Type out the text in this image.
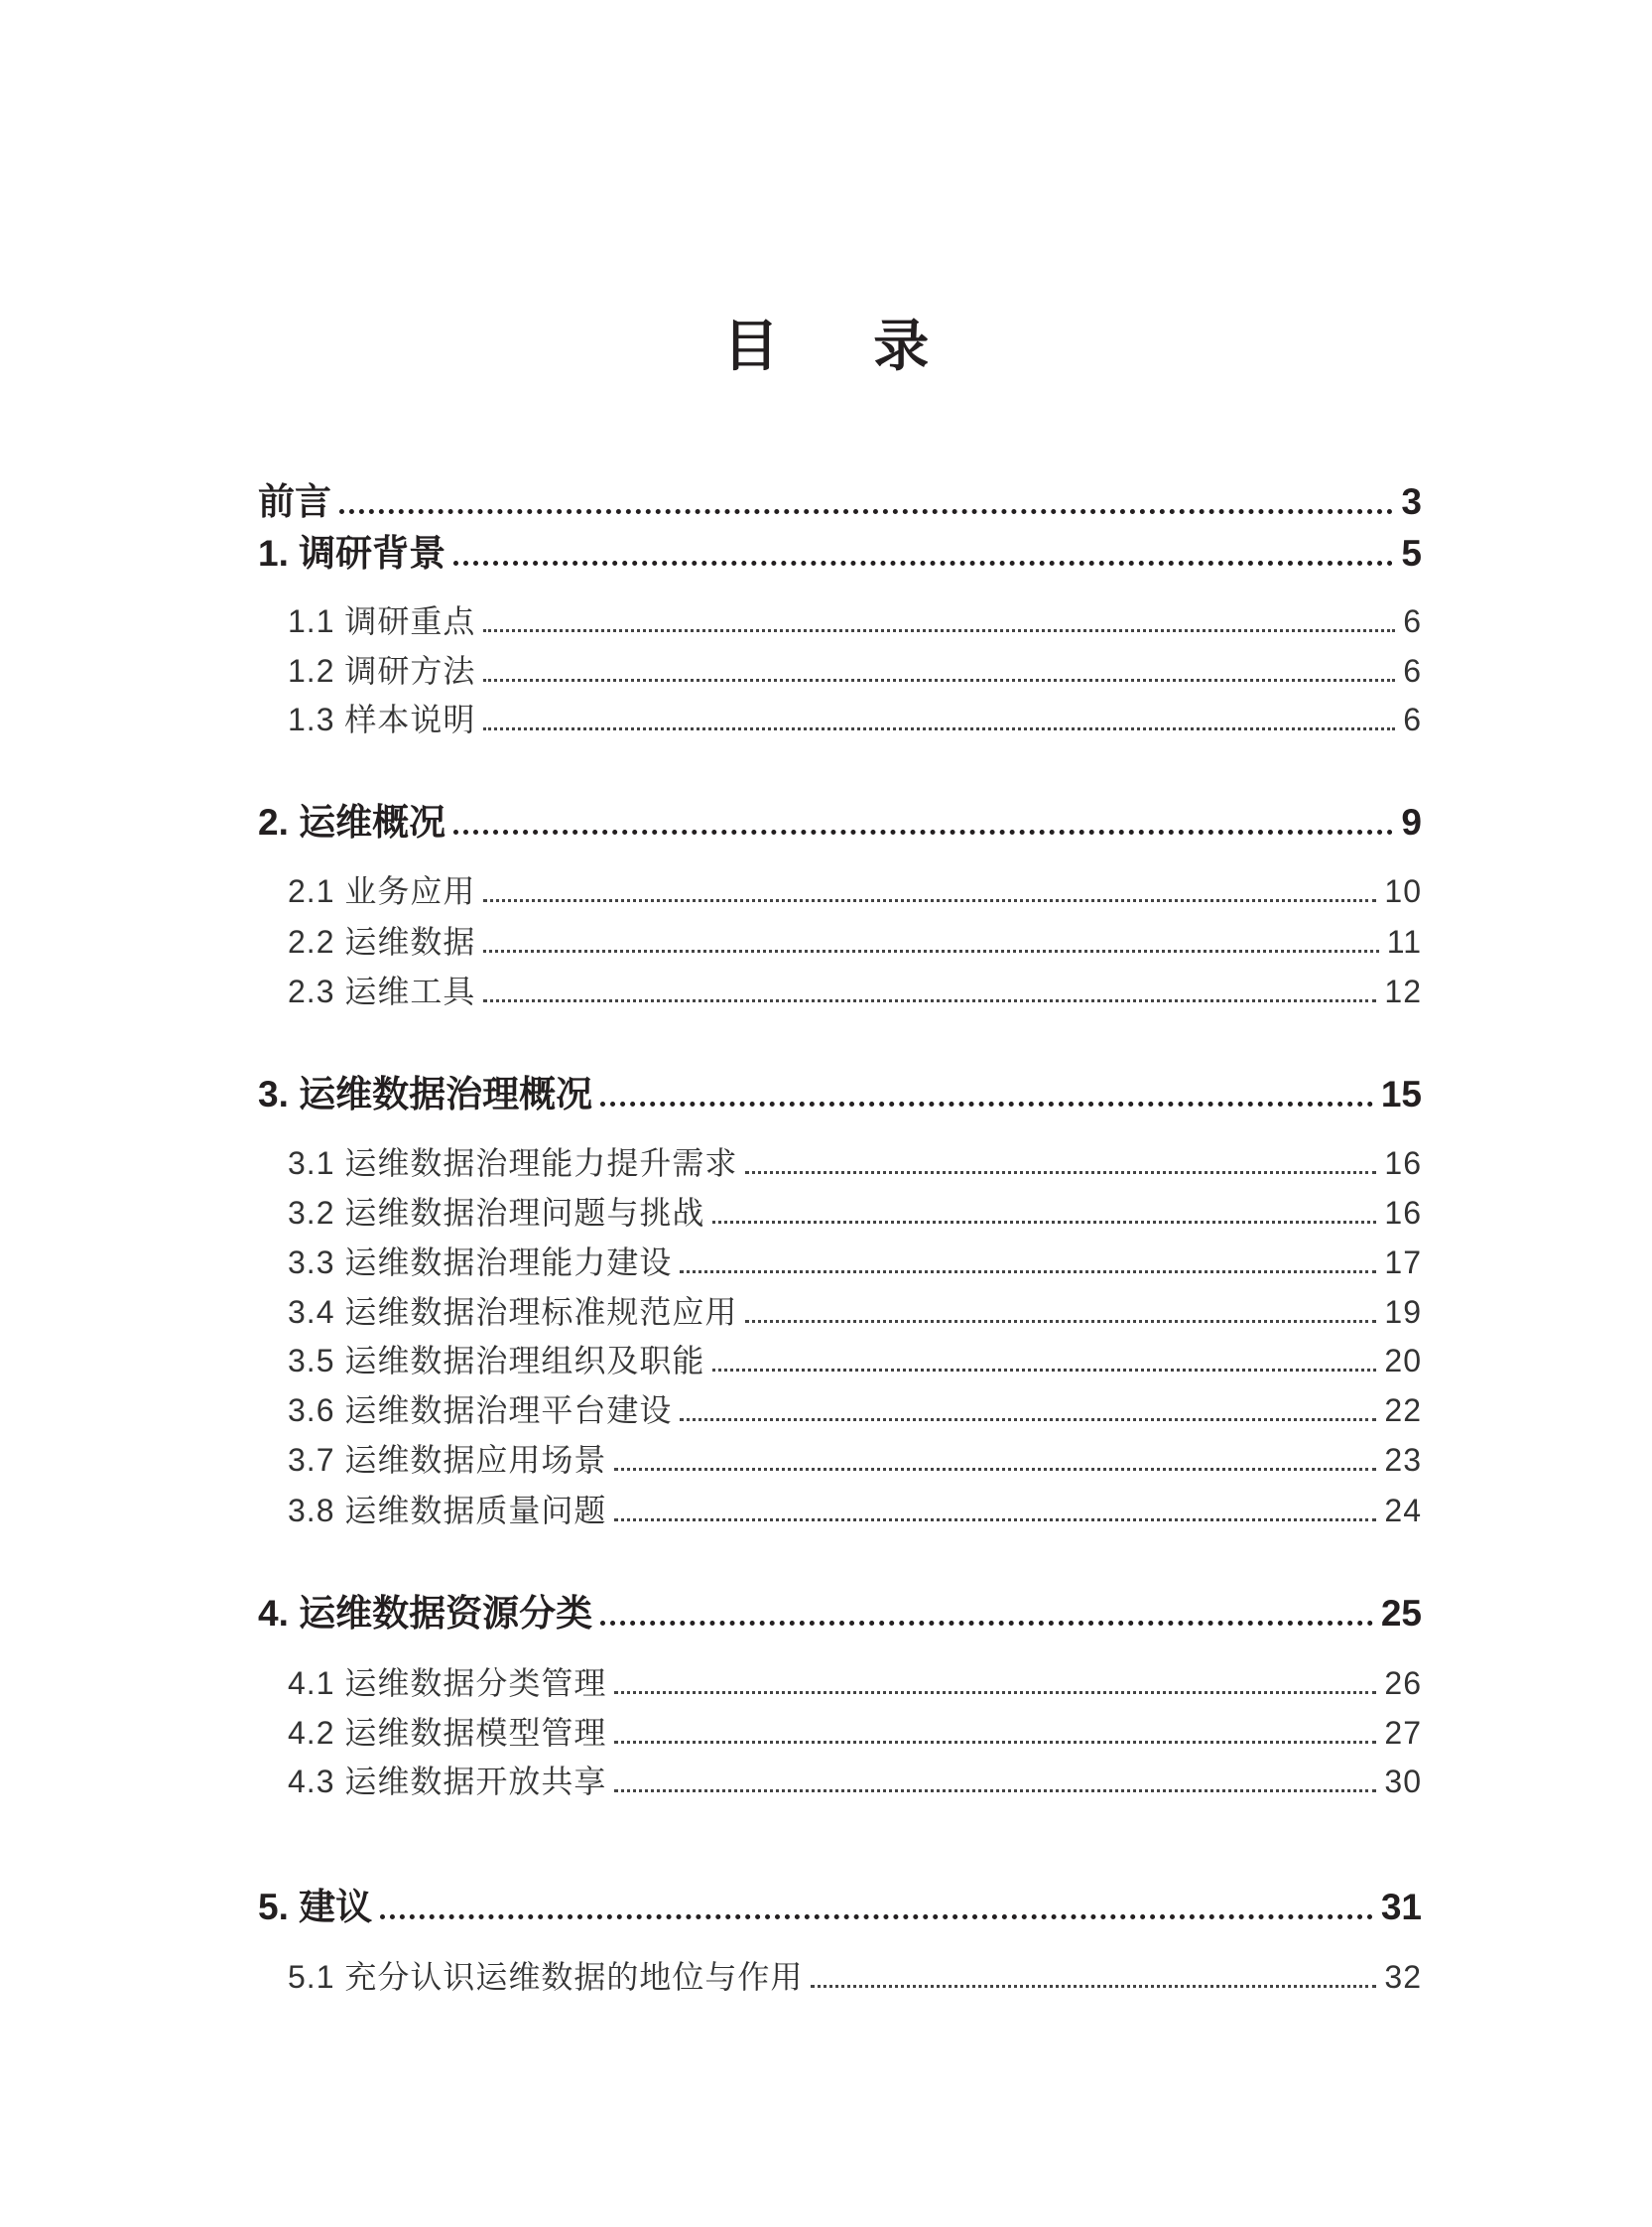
目 录
前言	3
1. 调研背景	5
1.1 调研重点	6
1.2 调研方法	6
1.3 样本说明	6
2. 运维概况	9
2.1 业务应用	10
2.2 运维数据	11
2.3 运维工具	12
3. 运维数据治理概况	15
3.1 运维数据治理能力提升需求	16
3.2 运维数据治理问题与挑战	16
3.3 运维数据治理能力建设	17
3.4 运维数据治理标准规范应用	19
3.5 运维数据治理组织及职能	20
3.6 运维数据治理平台建设	22
3.7 运维数据应用场景	23
3.8 运维数据质量问题	24
4. 运维数据资源分类	25
4.1 运维数据分类管理	26
4.2 运维数据模型管理	27
4.3 运维数据开放共享	30
5. 建议	31
5.1 充分认识运维数据的地位与作用	32
